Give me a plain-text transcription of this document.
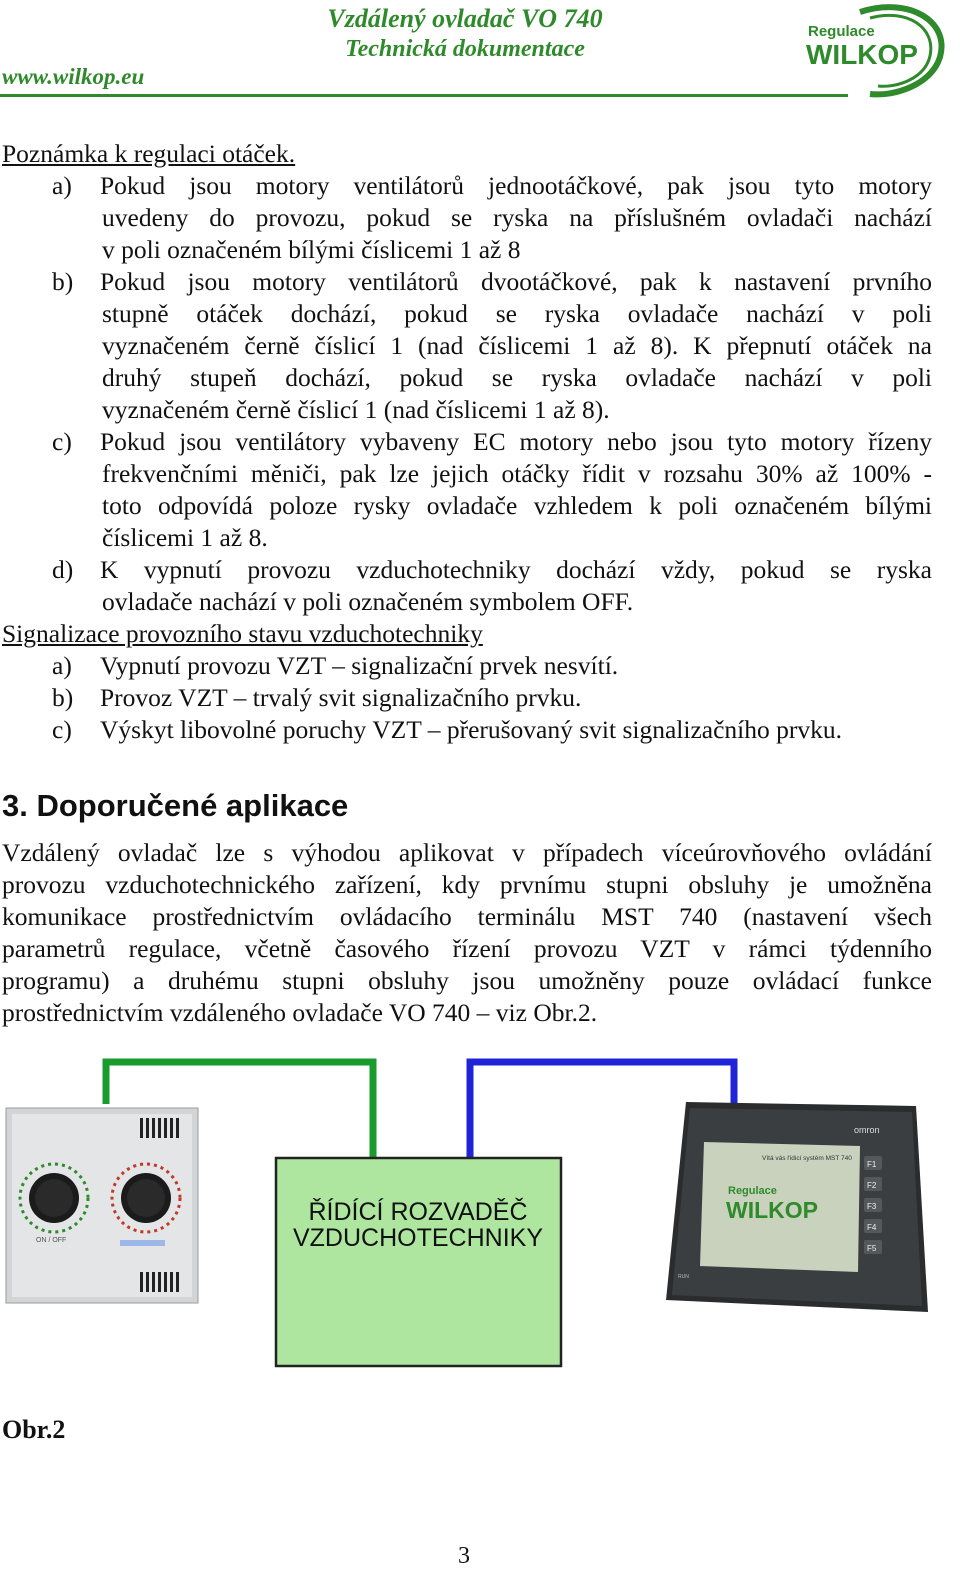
www.wilkop.eu
Vzdálený ovladač VO 740
Technická dokumentace
Regulace
WILKOP
Poznámka k regulaci otáček.
a) Pokud jsou motory ventilátorů jednootáčkové, pak jsou tyto motory
uvedeny do provozu, pokud se ryska na příslušném ovladači nachází
v poli označeném bílými číslicemi 1 až 8
b) Pokud jsou motory ventilátorů dvootáčkové, pak k nastavení prvního
stupně otáček dochází, pokud se ryska ovladače nachází v poli
vyznačeném černě číslicí 1 (nad číslicemi 1 až 8). K přepnutí otáček na
druhý stupeň dochází, pokud se ryska ovladače nachází v poli
vyznačeném černě číslicí 1 (nad číslicemi 1 až 8).
c) Pokud jsou ventilátory vybaveny EC motory nebo jsou tyto motory řízeny
frekvenčními měniči, pak lze jejich otáčky řídit v rozsahu 30% až 100% -
toto odpovídá poloze rysky ovladače vzhledem k poli označeném bílými
číslicemi 1 až 8.
d) K vypnutí provozu vzduchotechniky dochází vždy, pokud se ryska
ovladače nachází v poli označeném symbolem OFF.
Signalizace provozního stavu vzduchotechniky
a) Vypnutí provozu VZT – signalizační prvek nesvítí.
b) Provoz VZT – trvalý svit signalizačního prvku.
c) Výskyt libovolné poruchy VZT – přerušovaný svit signalizačního prvku.
3. Doporučené aplikace
Vzdálený ovladač lze s výhodou aplikovat v případech víceúrovňového ovládání
provozu vzduchotechnického zařízení, kdy prvnímu stupni obsluhy je umožněna
komunikace prostřednictvím ovládacího terminálu MST 740 (nastavení všech
parametrů regulace, včetně časového řízení provozu VZT v rámci týdenního
programu) a druhému stupni obsluhy jsou umožněny pouze ovládací funkce
prostřednictvím vzdáleného ovladače VO 740 – viz Obr.2.
ON / OFF
ŘÍDÍCÍ ROZVADĚČ
VZDUCHOTECHNIKY
omron
Vítá vás řídicí systém MST 740
Regulace
WILKOP
F1
F2
F3
F4
F5
RUN
Obr.2
3
